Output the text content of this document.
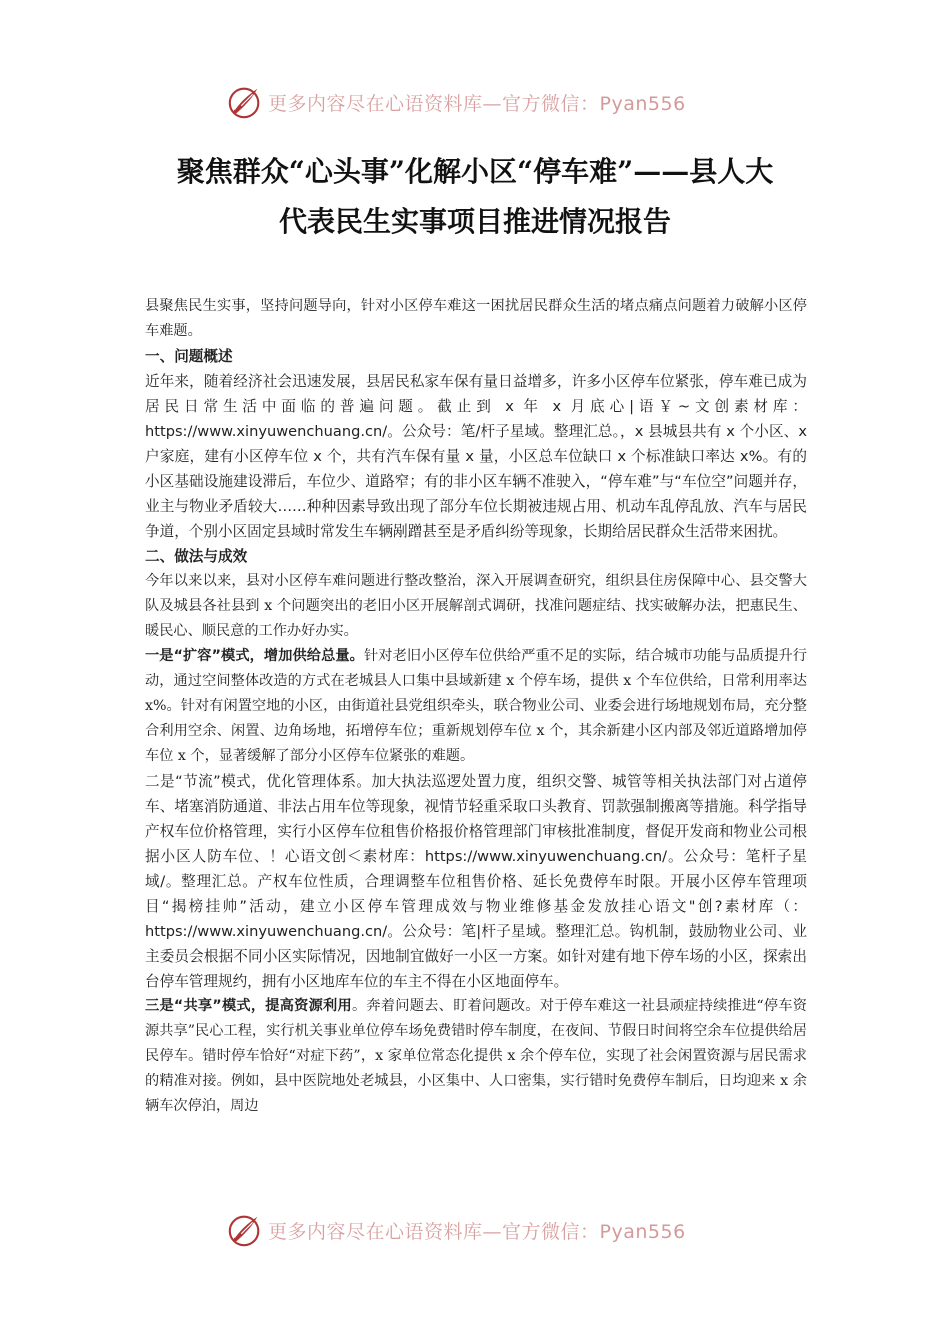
更多内容尽在心语资料库—官方微信：Pyan556
聚焦群众“心头事”化解小区“停车难”——县人大
代表民生实事项目推进情况报告

县聚焦民生实事，坚持问题导向，针对小区停车难这一困扰居民群众生活的堵点痛点问题着力破解小区停车难题。

一、问题概述

近年来，随着经济社会迅速发展，县居民私家车保有量日益增多，许多小区停车位紧张，停车难已成为居民日常生活中面临的普遍问题。截止到 x 年 x 月底心|语￥~文创素材库：https://www.xinyuwenchuang.cn/。公众号：笔/杆子星域。整理汇总。，x 县城县共有 x 个小区、x 户家庭，建有小区停车位 x 个，共有汽车保有量 x 量，小区总车位缺口 x 个标准缺口率达 x%。有的小区基础设施建设滞后，车位少、道路窄；有的非小区车辆不准驶入，“停车难”与“车位空”问题并存，业主与物业矛盾较大……种种因素导致出现了部分车位长期被违规占用、机动车乱停乱放、汽车与居民争道，个别小区固定县域时常发生车辆剐蹭甚至是矛盾纠纷等现象，长期给居民群众生活带来困扰。

二、做法与成效

今年以来以来，县对小区停车难问题进行整改整治，深入开展调查研究，组织县住房保障中心、县交警大队及城县各社县到 x 个问题突出的老旧小区开展解剖式调研，找准问题症结、找实破解办法，把惠民生、暖民心、顺民意的工作办好办实。

一是“扩容”模式，增加供给总量。针对老旧小区停车位供给严重不足的实际，结合城市功能与品质提升行动，通过空间整体改造的方式在老城县人口集中县域新建 x 个停车场，提供 x 个车位供给，日常利用率达 x%。针对有闲置空地的小区，由街道社县党组织牵头，联合物业公司、业委会进行场地规划布局，充分整合利用空余、闲置、边角场地，拓增停车位；重新规划停车位 x 个，其余新建小区内部及邻近道路增加停车位 x 个，显著缓解了部分小区停车位紧张的难题。

二是“节流”模式，优化管理体系。加大执法巡逻处置力度，组织交警、城管等相关执法部门对占道停车、堵塞消防通道、非法占用车位等现象，视情节轻重采取口头教育、罚款强制搬离等措施。科学指导产权车位价格管理，实行小区停车位租售价格报价格管理部门审核批准制度，督促开发商和物业公司根据小区人防车位、！心语文创＜素材库：https://www.xinyuwenchuang.cn/。公众号：笔杆子星域/。整理汇总。产权车位性质，合理调整车位租售价格、延长免费停车时限。开展小区停车管理项目“揭榜挂帅”活动，建立小区停车管理成效与物业维修基金发放挂心语文"创?素材库（：https://www.xinyuwenchuang.cn/。公众号：笔|杆子星域。整理汇总。钩机制，鼓励物业公司、业主委员会根据不同小区实际情况，因地制宜做好一小区一方案。如针对建有地下停车场的小区，探索出台停车管理规约，拥有小区地库车位的车主不得在小区地面停车。

三是“共享”模式，提高资源利用。奔着问题去、盯着问题改。对于停车难这一社县顽症持续推进“停车资源共享”民心工程，实行机关事业单位停车场免费错时停车制度，在夜间、节假日时间将空余车位提供给居民停车。错时停车恰好“对症下药”，x 家单位常态化提供 x 余个停车位，实现了社会闲置资源与居民需求的精准对接。例如，县中医院地处老城县，小区集中、人口密集，实行错时免费停车制后，日均迎来 x 余辆车次停泊，周边

更多内容尽在心语资料库—官方微信：Pyan556
